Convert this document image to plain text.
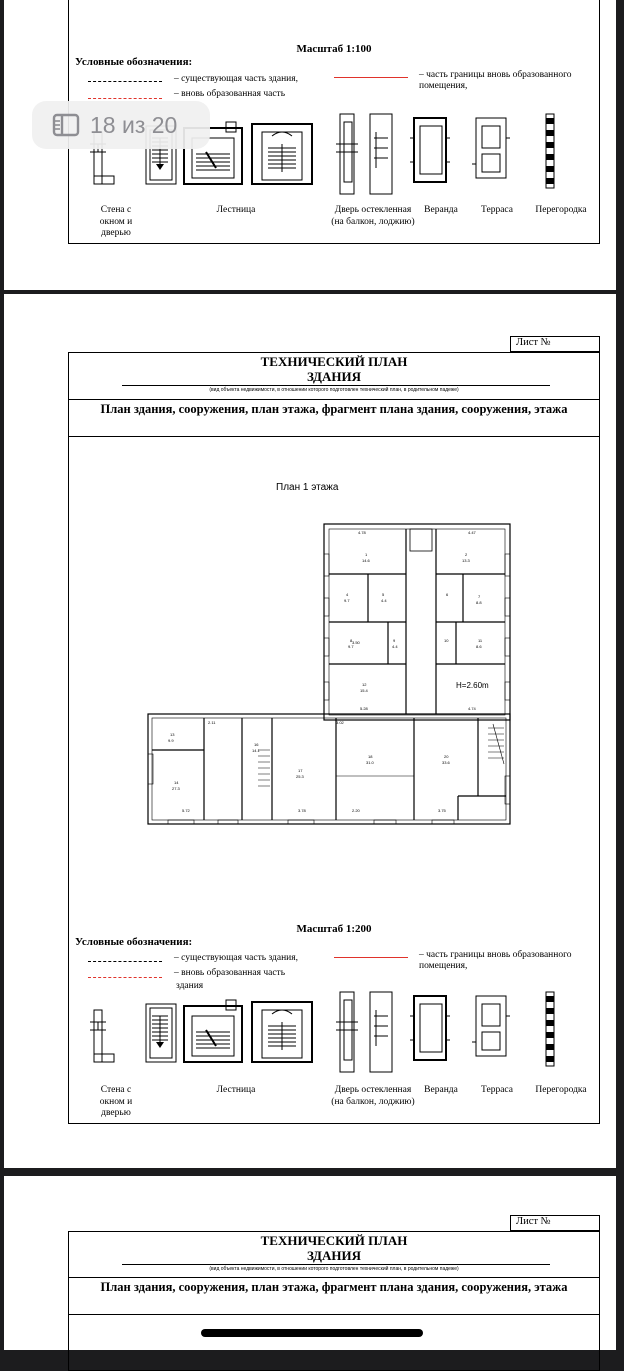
Масштаб 1:100
Условные обозначения:
– существующая часть здания,
– вновь образованная часть
– часть границы вновь образованного помещения,
Стена с окном и дверью
Лестница	Дверь остекленная (на балкон, лоджию)
Веранда	Терраса	Перегородка
Лист №
ТЕХНИЧЕСКИЙ ПЛАН
ЗДАНИЯ
(вид объекта недвижимости, в отношении которого подготовлен технический план, в родительном падеже)
План здания, сооружения, план этажа, фрагмент плана здания, сооружения, этажа
План 1 этажа
1
14.6
2
13.3
4
9.7
5
4.4
6	7
8.8
8
9.7
9
4.4
10	11
8.6
12
15.4
13
9.9
14
27.3
16
14.1
17
25.3
18
31.0
20
33.6
4.78	4.47
3.02
2.11
5.72	3.78	2.20	3.75
3.50
5.28	4.74
H=2.60m
Масштаб 1:200
Условные обозначения:
– существующая часть здания,
– вновь образованная часть
здания
– часть границы вновь образованного помещения,
Стена с окном и дверью
Лестница	Дверь остекленная (на балкон, лоджию)
Веранда	Терраса	Перегородка
Лист №
ТЕХНИЧЕСКИЙ ПЛАН
ЗДАНИЯ
(вид объекта недвижимости, в отношении которого подготовлен технический план, в родительном падеже)
План здания, сооружения, план этажа, фрагмент плана здания, сооружения, этажа
18 из 20
